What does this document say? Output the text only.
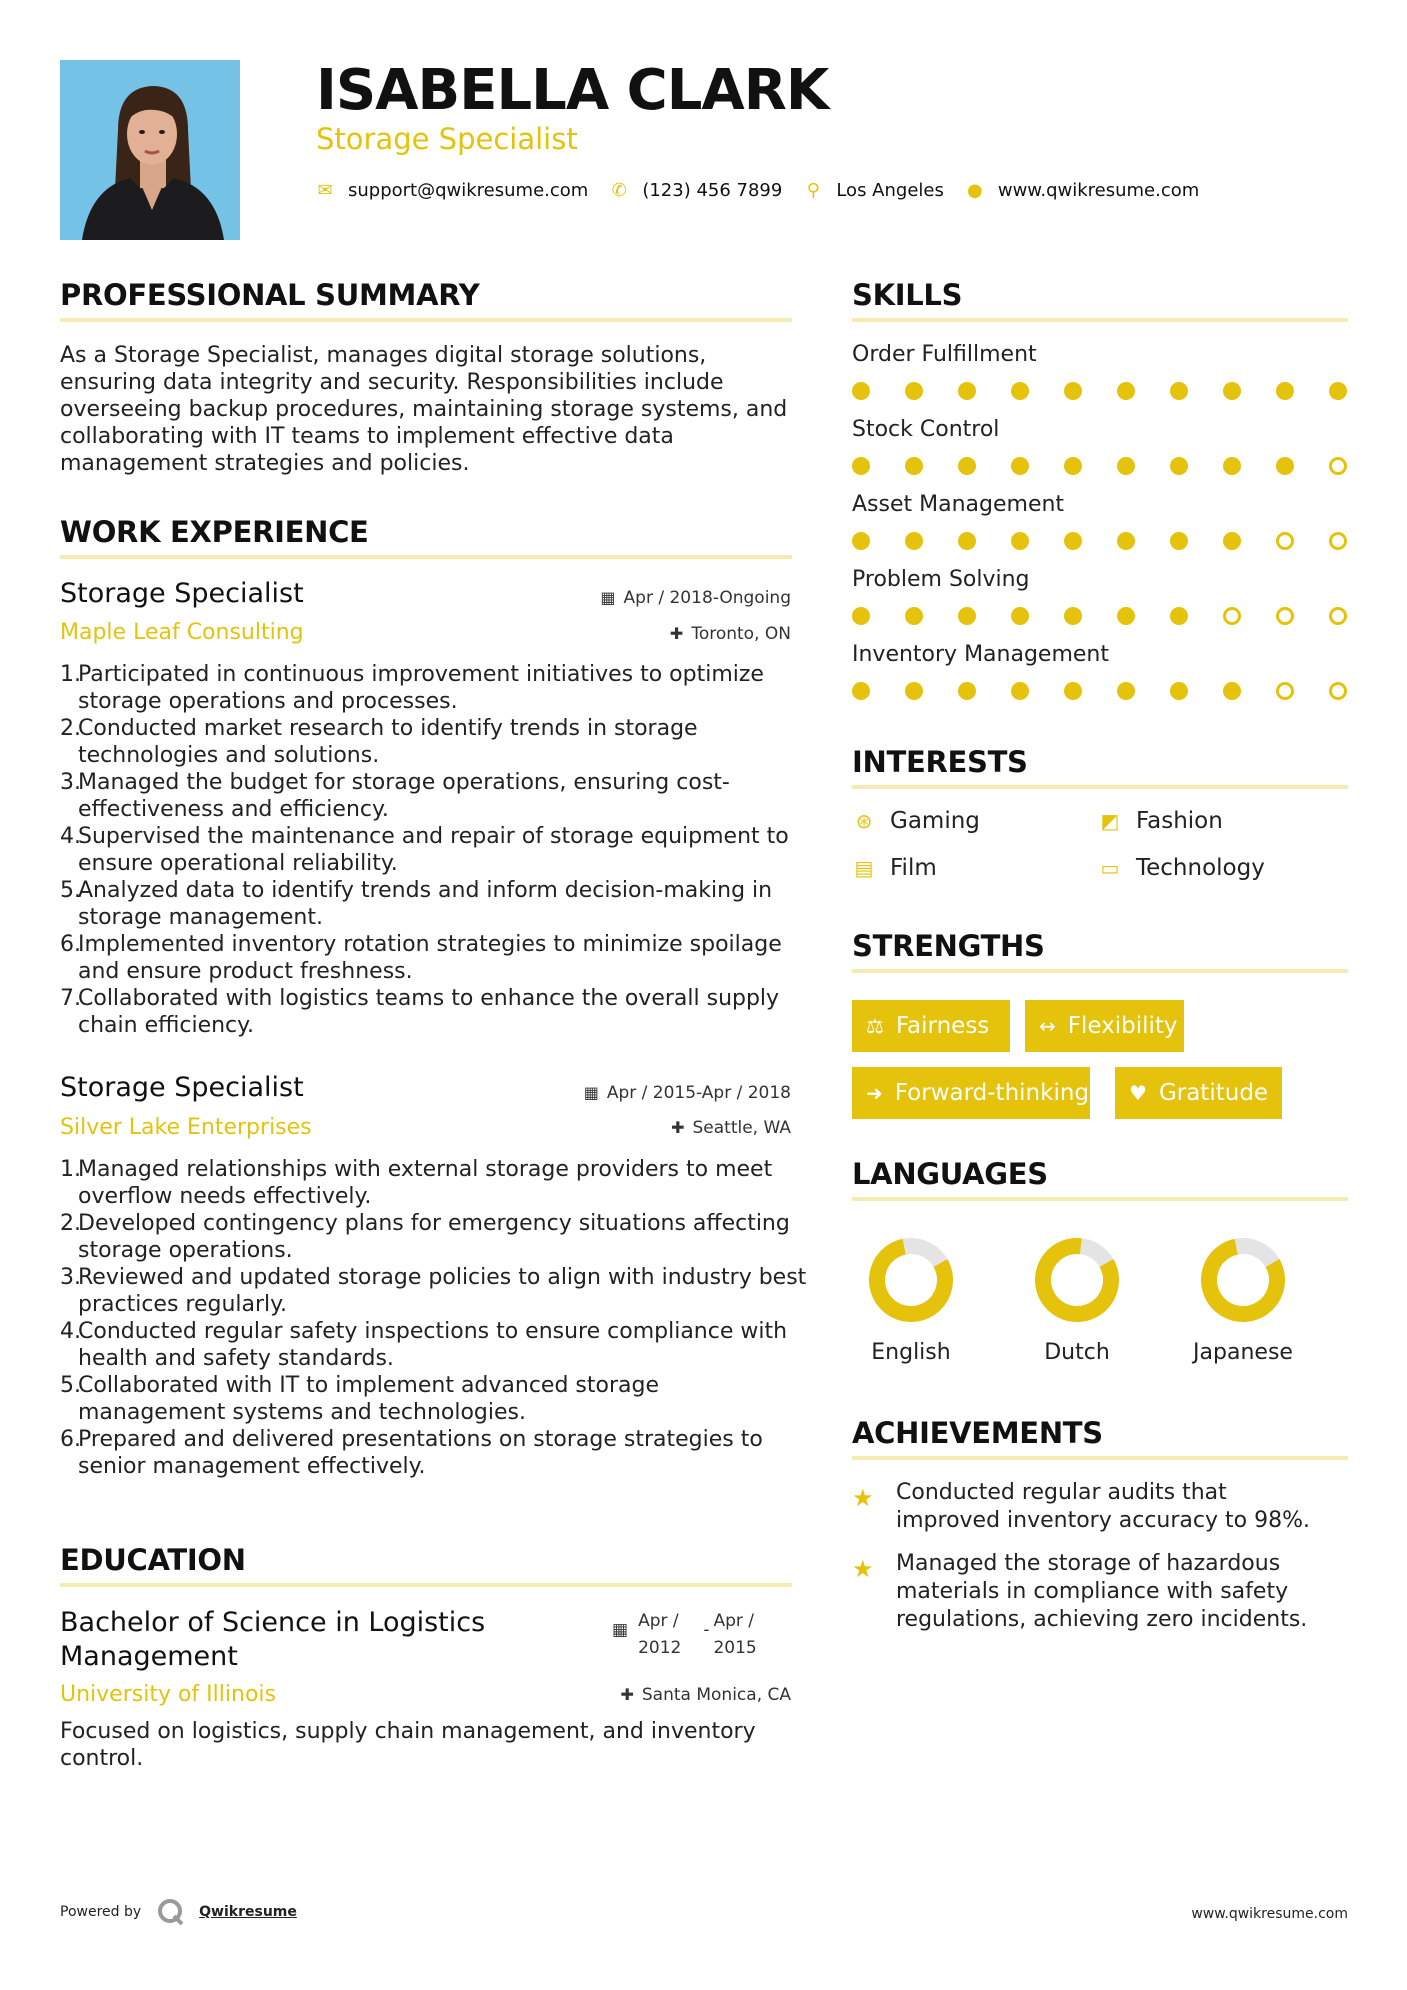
ISABELLA CLARK
Storage Specialist
✉ support@qwikresume.com ✆ (123) 456 7899 ⚲ Los Angeles ● www.qwikresume.com
PROFESSIONAL SUMMARY
As a Storage Specialist, manages digital storage solutions, ensuring data integrity and security. Responsibilities include overseeing backup procedures, maintaining storage systems, and collaborating with IT teams to implement effective data management strategies and policies.
WORK EXPERIENCE
Storage Specialist
Maple Leaf Consulting
▦ Apr / 2018-Ongoing
✚ Toronto, ON
Participated in continuous improvement initiatives to optimize storage operations and processes.
Conducted market research to identify trends in storage technologies and solutions.
Managed the budget for storage operations, ensuring cost-effectiveness and efficiency.
Supervised the maintenance and repair of storage equipment to ensure operational reliability.
Analyzed data to identify trends and inform decision-making in storage management.
Implemented inventory rotation strategies to minimize spoilage and ensure product freshness.
Collaborated with logistics teams to enhance the overall supply chain efficiency.
Storage Specialist
Silver Lake Enterprises
▦ Apr / 2015-Apr / 2018
✚ Seattle, WA
Managed relationships with external storage providers to meet overflow needs effectively.
Developed contingency plans for emergency situations affecting storage operations.
Reviewed and updated storage policies to align with industry best practices regularly.
Conducted regular safety inspections to ensure compliance with health and safety standards.
Collaborated with IT to implement advanced storage management systems and technologies.
Prepared and delivered presentations on storage strategies to senior management effectively.
EDUCATION
Bachelor of Science in Logistics
Management
University of Illinois
▦ Apr /
2012
- Apr /
2015
✚ Santa Monica, CA
Focused on logistics, supply chain management, and inventory control.
SKILLS
Order Fulfillment
Stock Control
Asset Management
Problem Solving
Inventory Management
INTERESTS
⊛ Gaming	◩ Fashion
▤ Film	▭ Technology
STRENGTHS
⚖ Fairness ↔ Flexibility
➜ Forward-thinking ♥ Gratitude
LANGUAGES
English	Dutch	Japanese
ACHIEVEMENTS
★ Conducted regular audits that
improved inventory accuracy to 98%.
★ Managed the storage of hazardous
materials in compliance with safety
regulations, achieving zero incidents.
Powered by	Qwikresume	www.qwikresume.com
